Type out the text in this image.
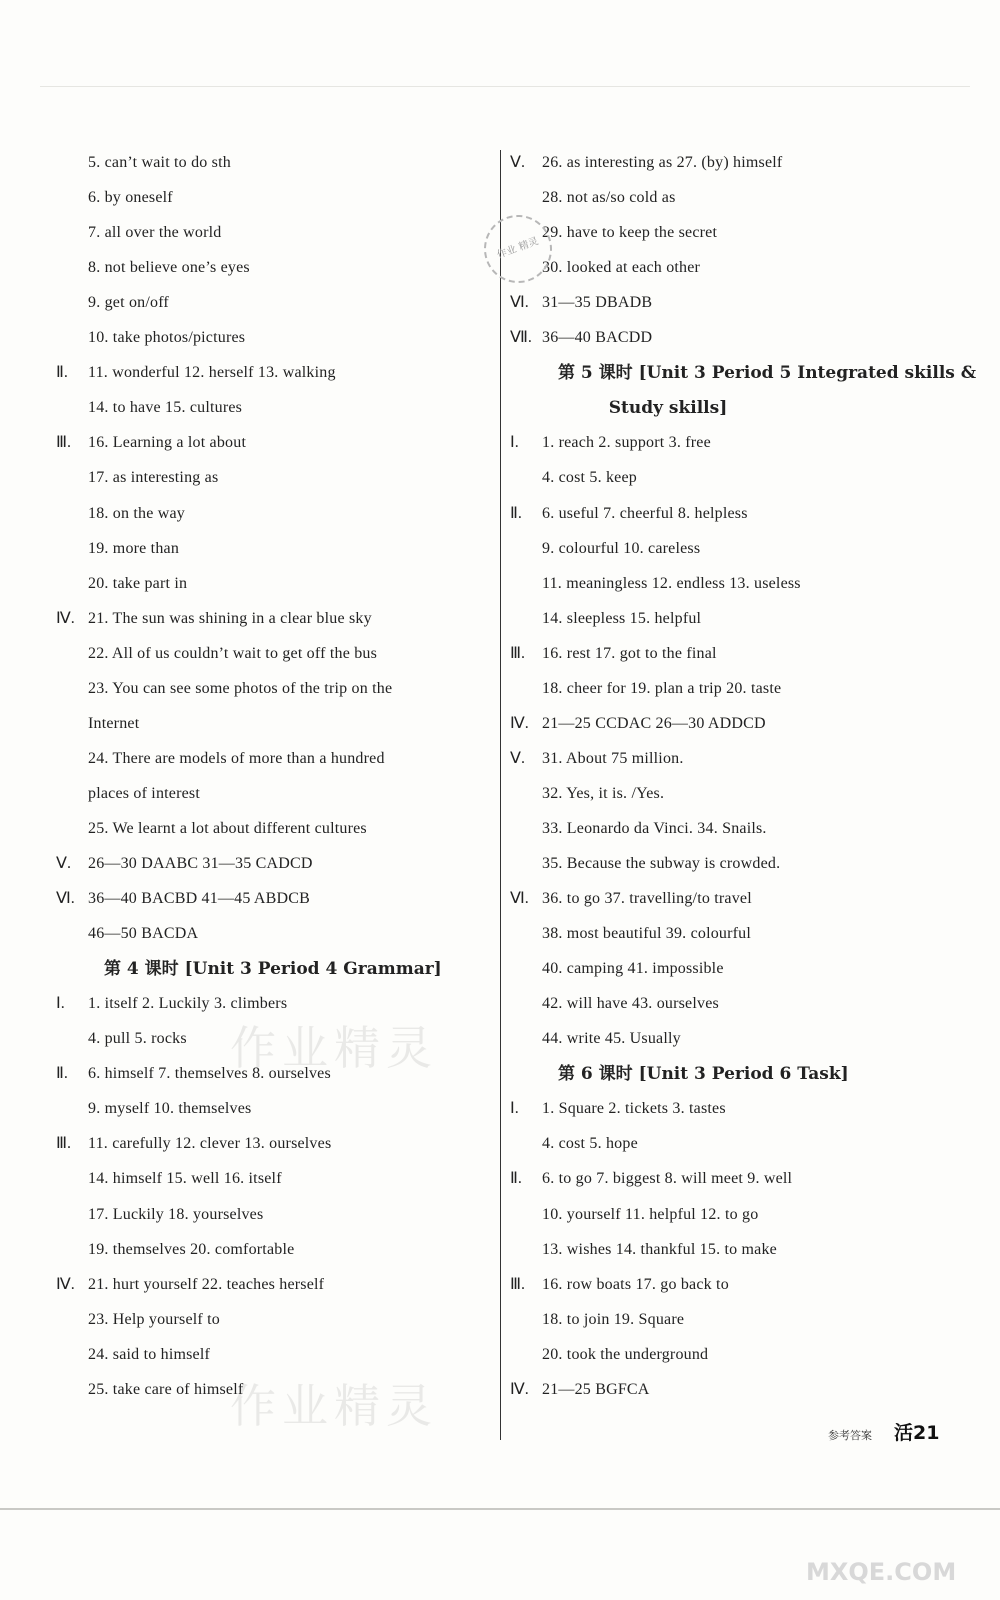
5. can’t wait to do sth
6. by oneself
7. all over the world
8. not believe one’s eyes
9. get on/off
10. take photos/pictures
Ⅱ. 11. wonderful 12. herself 13. walking
14. to have 15. cultures
Ⅲ. 16. Learning a lot about
17. as interesting as
18. on the way
19. more than
20. take part in
Ⅳ. 21. The sun was shining in a clear blue sky
22. All of us couldn’t wait to get off the bus
23. You can see some photos of the trip on the
Internet
24. There are models of more than a hundred
places of interest
25. We learnt a lot about different cultures
Ⅴ. 26—30 DAABC 31—35 CADCD
Ⅵ. 36—40 BACBD 41—45 ABDCB
46—50 BACDA
第 4 课时 [Unit 3 Period 4 Grammar]
Ⅰ. 1. itself 2. Luckily 3. climbers
4. pull 5. rocks
Ⅱ. 6. himself 7. themselves 8. ourselves
9. myself 10. themselves
Ⅲ. 11. carefully 12. clever 13. ourselves
14. himself 15. well 16. itself
17. Luckily 18. yourselves
19. themselves 20. comfortable
Ⅳ. 21. hurt yourself 22. teaches herself
23. Help yourself to
24. said to himself
25. take care of himself
Ⅴ. 26. as interesting as 27. (by) himself
28. not as/so cold as
29. have to keep the secret
30. looked at each other
Ⅵ. 31—35 DBADB
Ⅶ. 36—40 BACDD
第 5 课时 [Unit 3 Period 5 Integrated skills &
Study skills]
Ⅰ. 1. reach 2. support 3. free
4. cost 5. keep
Ⅱ. 6. useful 7. cheerful 8. helpless
9. colourful 10. careless
11. meaningless 12. endless 13. useless
14. sleepless 15. helpful
Ⅲ. 16. rest 17. got to the final
18. cheer for 19. plan a trip 20. taste
Ⅳ. 21—25 CCDAC 26—30 ADDCD
Ⅴ. 31. About 75 million.
32. Yes, it is. /Yes.
33. Leonardo da Vinci. 34. Snails.
35. Because the subway is crowded.
Ⅵ. 36. to go 37. travelling/to travel
38. most beautiful 39. colourful
40. camping 41. impossible
42. will have 43. ourselves
44. write 45. Usually
第 6 课时 [Unit 3 Period 6 Task]
Ⅰ. 1. Square 2. tickets 3. tastes
4. cost 5. hope
Ⅱ. 6. to go 7. biggest 8. will meet 9. well
10. yourself 11. helpful 12. to go
13. wishes 14. thankful 15. to make
Ⅲ. 16. row boats 17. go back to
18. to join 19. Square
20. took the underground
Ⅳ. 21—25 BGFCA
作业 精灵
作业精灵
作业精灵
参考答案 活21
MXQE.COM
